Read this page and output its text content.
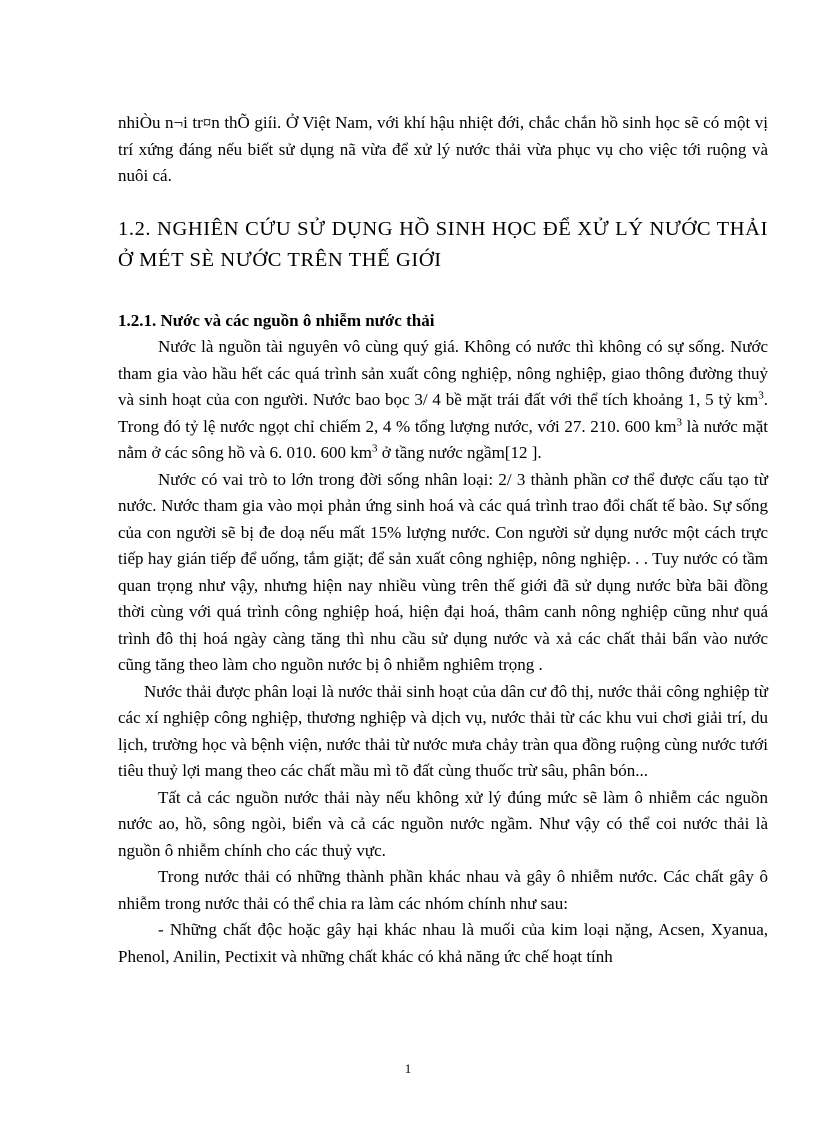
nhiÒu n¬i tr¤n thÕ giíi. Ở Việt Nam, với khí hậu nhiệt đới, chắc chắn hồ sinh học sẽ có một vị trí xứng đáng nếu biết sử dụng nã vừa để xử lý nước thải vừa phục vụ cho việc tới ruộng và nuôi cá.

1.2. NGHIÊN CỨU SỬ DỤNG HỒ SINH HỌC ĐỂ XỬ LÝ NƯỚC THẢI Ở MÉT SÈ NƯỚC TRÊN THẾ GIỚI

1.2.1. Nước và các nguồn ô nhiễm nước thải

Nước là nguồn tài nguyên vô cùng quý giá. Không có nước thì không có sự sống. Nước tham gia vào hầu hết các quá trình sản xuất công nghiệp, nông nghiệp, giao thông đường thuỷ và sinh hoạt của con người. Nước bao bọc 3/ 4 bề mặt trái đất với thể tích khoảng 1, 5 tỷ $km^3$. Trong đó tỷ lệ nước ngọt chỉ chiếm 2, 4 % tổng lượng nước, với 27. 210. 600 $km^3$ là nước mặt nằm ở các sông hồ và 6. 010. 600 $km^3$ ở tầng nước ngầm[12 ].

Nước có vai trò to lớn trong đời sống nhân loại: 2/ 3 thành phần cơ thể được cấu tạo từ nước. Nước tham gia vào mọi phản ứng sinh hoá và các quá trình trao đổi chất tế bào. Sự sống của con người sẽ bị đe doạ nếu mất 15% lượng nước. Con người sử dụng nước một cách trực tiếp hay gián tiếp để uống, tắm giặt; để sản xuất công nghiệp, nông nghiệp. . . Tuy nước có tầm quan trọng như vậy, nhưng hiện nay nhiều vùng trên thế giới đã sử dụng nước bừa bãi đồng thời cùng với quá trình công nghiệp hoá, hiện đại hoá, thâm canh nông nghiệp cũng như quá trình đô thị hoá ngày càng tăng thì nhu cầu sử dụng nước và xả các chất thải bẩn vào nước cũng tăng theo làm cho nguồn nước bị ô nhiễm nghiêm trọng .

Nước thải được phân loại là nước thải sinh hoạt của dân cư đô thị, nước thải công nghiệp từ các xí nghiệp công nghiệp, thương nghiệp và dịch vụ, nước thải từ các khu vui chơi giải trí, du lịch, trường học và bệnh viện, nước thải từ nước mưa chảy tràn qua đồng ruộng cùng nước tưới tiêu thuỷ lợi mang theo các chất mầu mì tõ đất cùng thuốc trừ sâu, phân bón...

Tất cả các nguồn nước thải này nếu không xử lý đúng mức sẽ làm ô nhiễm các nguồn nước ao, hồ, sông ngòi, biển và cả các nguồn nước ngầm. Như vậy có thể coi nước thải là nguồn ô nhiễm chính cho các thuỷ vực.

Trong nước thải có những thành phần khác nhau và gây ô nhiễm nước. Các chất gây ô nhiễm trong nước thải có thể chia ra làm các nhóm chính như sau:

- Những chất độc hoặc gây hại khác nhau là muối của kim loại nặng, Acsen, Xyanua, Phenol, Anilin, Pectixit và những chất khác có khả năng ức chế hoạt tính

1
